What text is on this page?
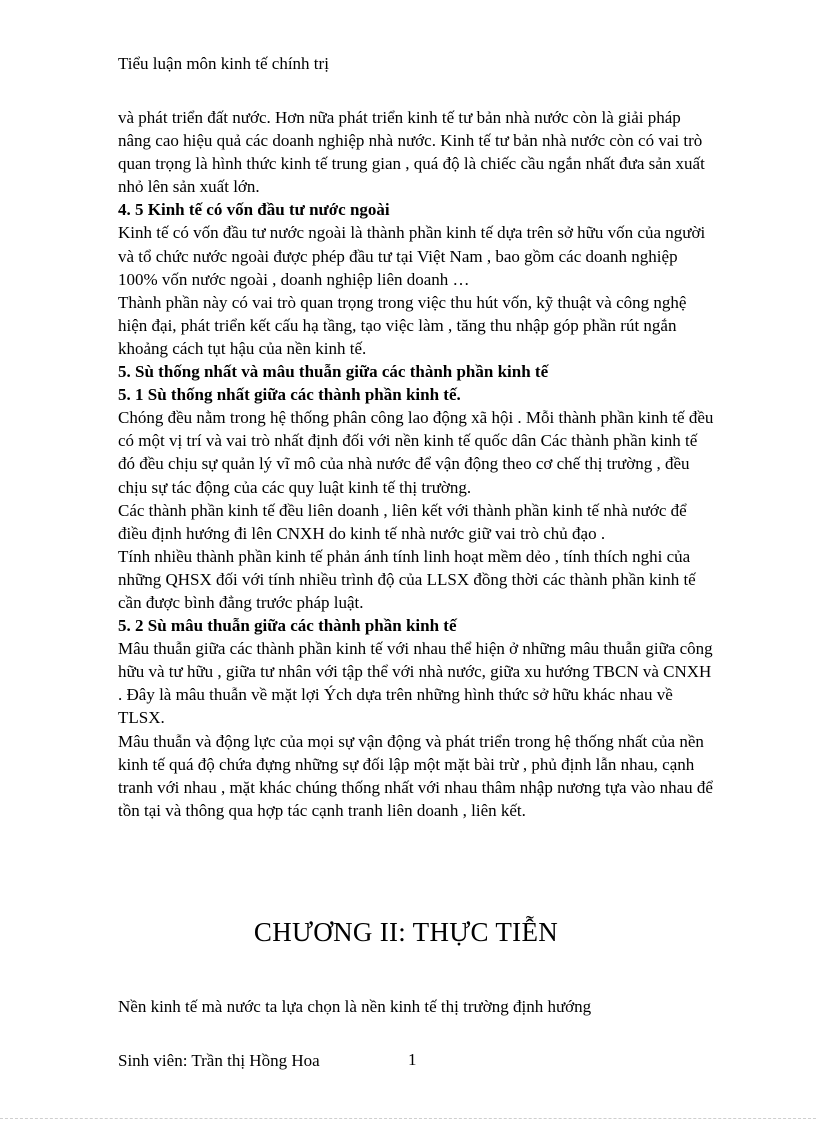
Tiểu luận môn kinh tế chính trị

và phát triển đất nước. Hơn nữa phát triển kinh tế tư bản nhà nước còn là giải pháp nâng cao hiệu quả các doanh nghiệp nhà nước. Kinh tế tư bản nhà nước còn có vai trò quan trọng là hình thức kinh tế trung gian , quá độ là chiếc cầu ngắn nhất đưa sản xuất nhỏ lên sản xuất lớn.

4. 5 Kinh tế có vốn đầu tư nước ngoài

Kinh tế có vốn đầu tư nước ngoài là thành phần kinh tế dựa trên sở hữu vốn của người và tổ chức nước ngoài được phép đầu tư tại Việt Nam , bao gồm các doanh nghiệp 100% vốn nước ngoài , doanh nghiệp liên doanh …

Thành phần này có vai trò quan trọng trong việc thu hút vốn, kỹ thuật và công nghệ hiện đại, phát triển kết cấu hạ tầng, tạo việc làm , tăng thu nhập góp phần rút ngắn khoảng cách tụt hậu của nền kinh tế.

5. Sù thống nhất và mâu thuẫn giữa các thành phần kinh tế

5. 1 Sù thống nhất giữa các thành phần kinh tế.

Chóng đều nằm trong hệ thống phân công lao động xã hội . Mỗi thành phần kinh tế đều có một vị trí và vai trò nhất định đối với nền kinh tế quốc dân Các thành phần kinh tế đó đều chịu sự quản lý vĩ mô của nhà nước để vận động theo cơ chế thị trường , đều chịu sự tác động của các quy luật kinh tế thị trường.

Các thành phần kinh tế đều liên doanh , liên kết với thành phần kinh tế nhà nước để điều định hướng đi lên CNXH do kinh tế nhà nước giữ vai trò chủ đạo .

Tính nhiều thành phần kinh tế phản ánh tính linh hoạt mềm dẻo , tính thích nghi của những QHSX đối với tính nhiều trình độ của LLSX đồng thời các thành phần kinh tế cần được bình đẳng trước pháp luật.

5. 2 Sù mâu thuẫn giữa các thành phần kinh tế

Mâu thuẫn giữa các thành phần kinh tế với nhau thể hiện ở những mâu thuẫn giữa công hữu và tư hữu , giữa tư nhân với tập thể với nhà nước, giữa xu hướng TBCN và CNXH . Đây là mâu thuẫn về mặt lợi Ých dựa trên những hình thức sở hữu khác nhau về TLSX.

Mâu thuẫn và động lực của mọi sự vận động và phát triển trong hệ thống nhất của nền kinh tế quá độ chứa đựng những sự đối lập một mặt bài trừ , phủ định lẫn nhau, cạnh tranh với nhau , mặt khác chúng thống nhất với nhau thâm nhập nương tựa vào nhau để tồn tại và thông qua hợp tác cạnh tranh liên doanh , liên kết.

CHƯƠNG II: THỰC TIỄN
Nền kinh tế mà nước ta lựa chọn là nền kinh tế thị trường định hướng
Sinh viên: Trần thị Hồng Hoa	1
